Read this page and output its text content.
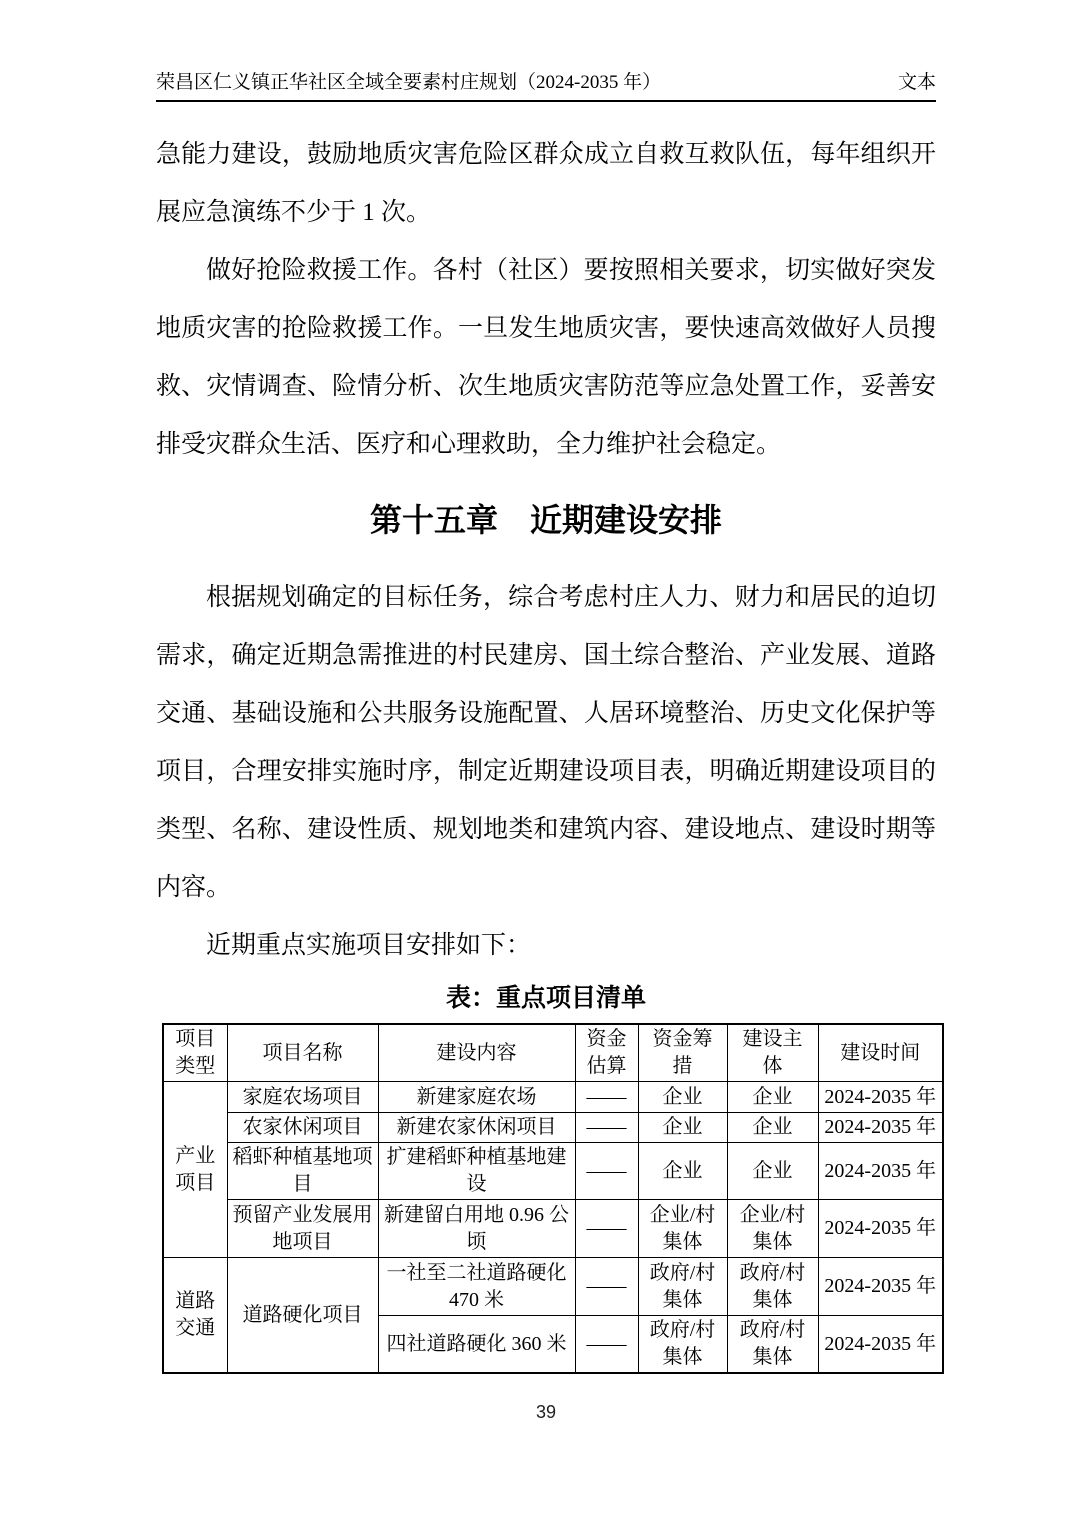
荣昌区仁义镇正华社区全域全要素村庄规划（2024-2035 年）	文本

急能力建设，鼓励地质灾害危险区群众成立自救互救队伍，每年组织开展应急演练不少于 1 次。

做好抢险救援工作。各村（社区）要按照相关要求，切实做好突发地质灾害的抢险救援工作。一旦发生地质灾害，要快速高效做好人员搜救、灾情调查、险情分析、次生地质灾害防范等应急处置工作，妥善安排受灾群众生活、医疗和心理救助，全力维护社会稳定。

第十五章　近期建设安排

根据规划确定的目标任务，综合考虑村庄人力、财力和居民的迫切需求，确定近期急需推进的村民建房、国土综合整治、产业发展、道路交通、基础设施和公共服务设施配置、人居环境整治、历史文化保护等项目，合理安排实施时序，制定近期建设项目表，明确近期建设项目的类型、名称、建设性质、规划地类和建筑内容、建设地点、建设时期等内容。

近期重点实施项目安排如下：

表：重点项目清单
项目类型	项目名称	建设内容	资金估算	资金筹措	建设主体	建设时间
产业项目	家庭农场项目	新建家庭农场	——	企业	企业	2024-2035 年
	农家休闲项目	新建农家休闲项目	——	企业	企业	2024-2035 年
	稻虾种植基地项目	扩建稻虾种植基地建设	——	企业	企业	2024-2035 年
	预留产业发展用地项目	新建留白用地 0.96 公顷	——	企业/村集体	企业/村集体	2024-2035 年
道路交通	道路硬化项目	一社至二社道路硬化 470 米	——	政府/村集体	政府/村集体	2024-2035 年
		四社道路硬化 360 米	——	政府/村集体	政府/村集体	2024-2035 年
39
